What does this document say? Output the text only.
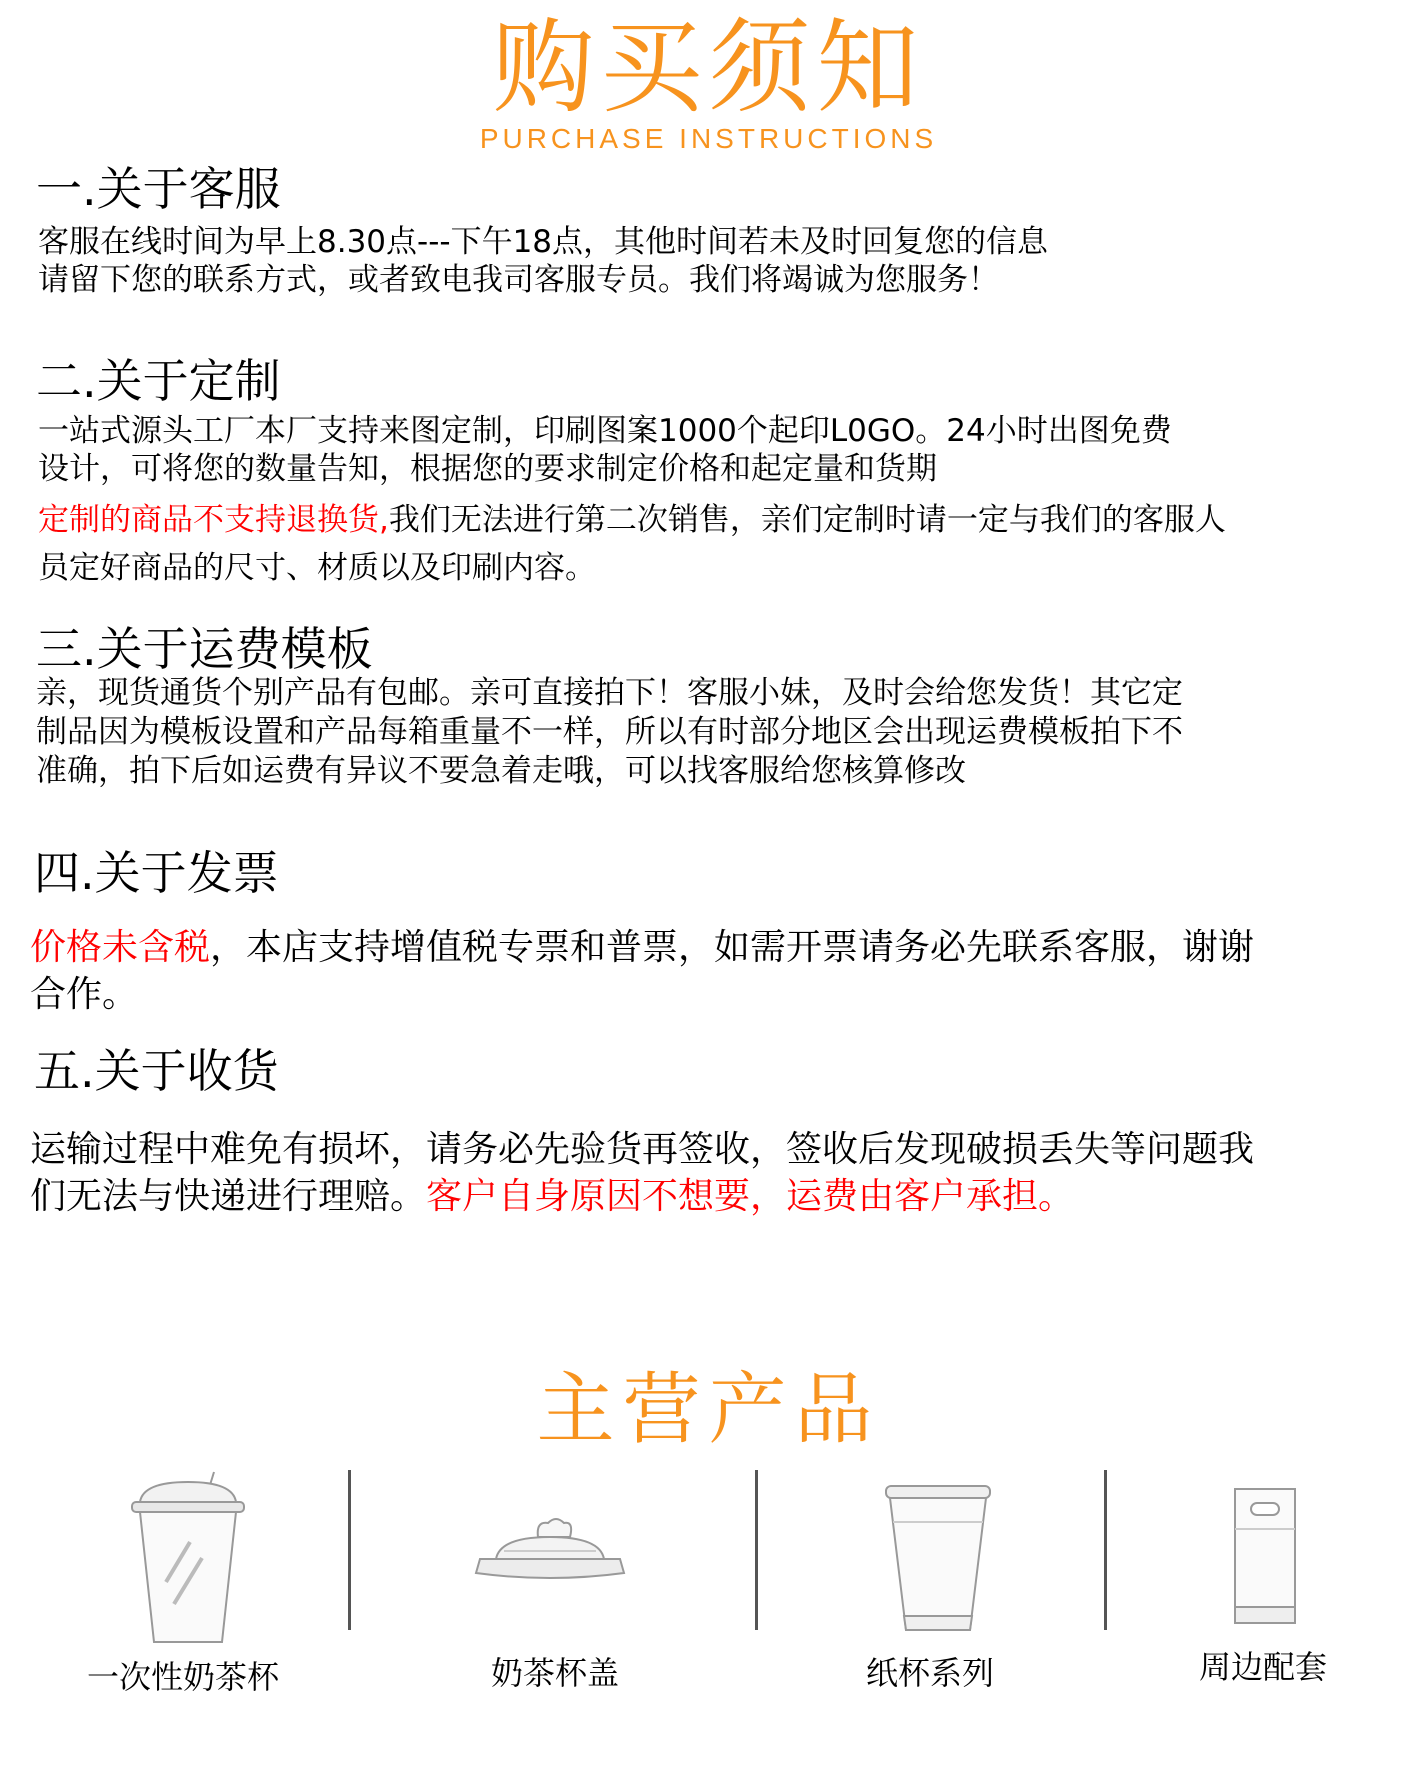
购买须知
PURCHASE INSTRUCTIONS
一.关于客服
客服在线时间为早上8.30点---下午18点，其他时间若未及时回复您的信息
请留下您的联系方式，或者致电我司客服专员。我们将竭诚为您服务！
二.关于定制
一站式源头工厂本厂支持来图定制，印刷图案1000个起印L0GO。24小时出图免费
设计，可将您的数量告知，根据您的要求制定价格和起定量和货期
定制的商品不支持退换货,我们无法进行第二次销售，亲们定制时请一定与我们的客服人
员定好商品的尺寸、材质以及印刷内容。
三.关于运费模板
亲，现货通货个别产品有包邮。亲可直接拍下！客服小妹，及时会给您发货！其它定
制品因为模板设置和产品每箱重量不一样，所以有时部分地区会出现运费模板拍下不
准确，拍下后如运费有异议不要急着走哦，可以找客服给您核算修改
四.关于发票
价格未含税，本店支持增值税专票和普票，如需开票请务必先联系客服，谢谢
合作。
五.关于收货
运输过程中难免有损坏，请务必先验货再签收，签收后发现破损丢失等问题我
们无法与快递进行理赔。客户自身原因不想要，运费由客户承担。
主营产品
一次性奶茶杯	奶茶杯盖	纸杯系列	周边配套
